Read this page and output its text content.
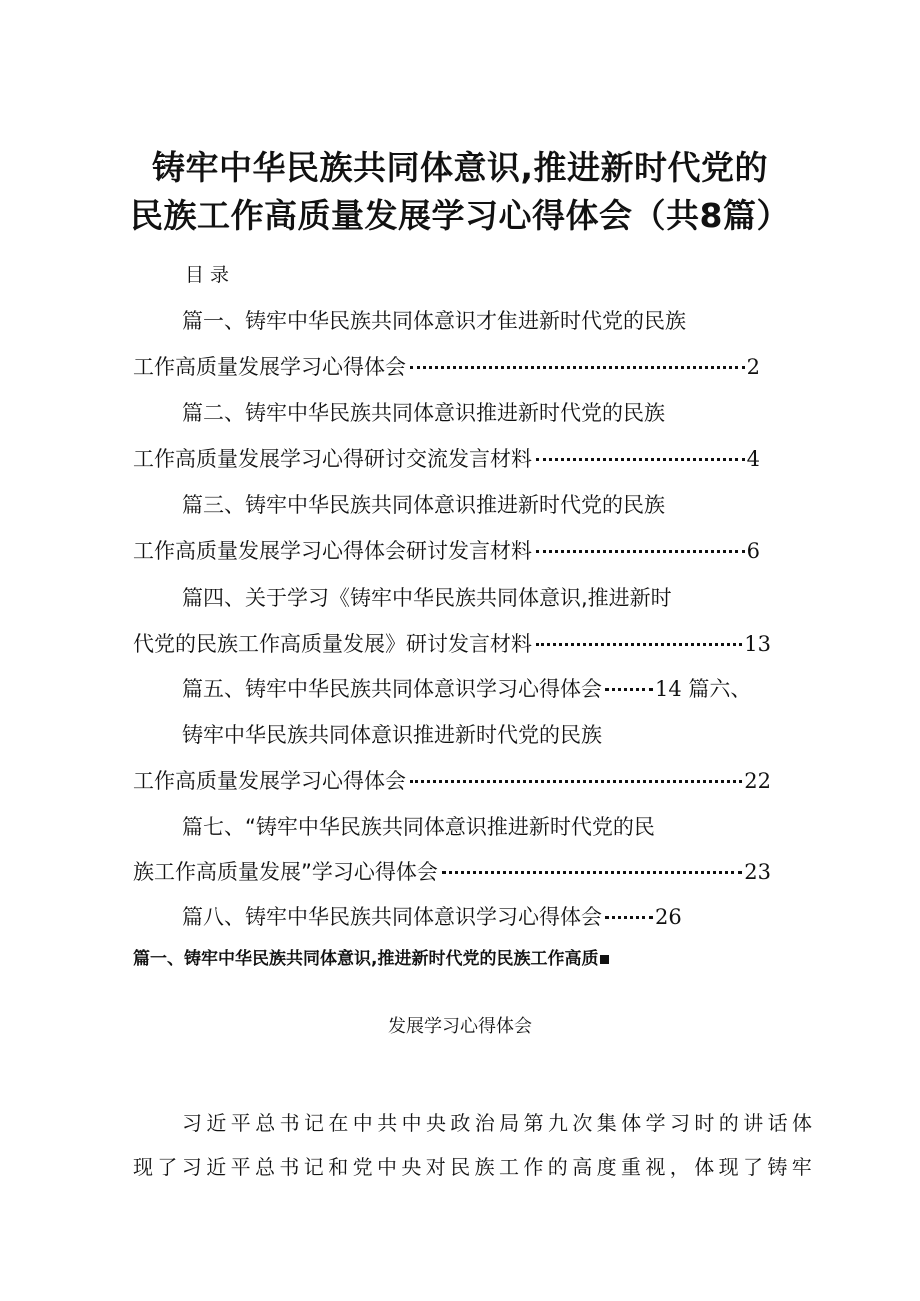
铸牢中华民族共同体意识,推进新时代党的
民族工作高质量发展学习心得体会（共8篇）
目录
篇一、铸牢中华民族共同体意识才隹进新时代党的民族
工作高质量发展学习心得体会	2
篇二、铸牢中华民族共同体意识推进新时代党的民族
工作高质量发展学习心得研讨交流发言材料	4
篇三、铸牢中华民族共同体意识推进新时代党的民族
工作高质量发展学习心得体会研讨发言材料	6
篇四、关于学习《铸牢中华民族共同体意识,推进新时
代党的民族工作高质量发展》研讨发言材料	13
篇五、铸牢中华民族共同体意识学习心得体会	14 篇六、
铸牢中华民族共同体意识推进新时代党的民族
工作高质量发展学习心得体会	22
篇七、“铸牢中华民族共同体意识推进新时代党的民
族工作高质量发展”学习心得体会	23
篇八、铸牢中华民族共同体意识学习心得体会	26
篇一、铸牢中华民族共同体意识,推进新时代党的民族工作高质
发展学习心得体会
习近平总书记在中共中央政治局第九次集体学习时的讲话体
现了习近平总书记和党中央对民族工作的高度重视，体现了铸牢
